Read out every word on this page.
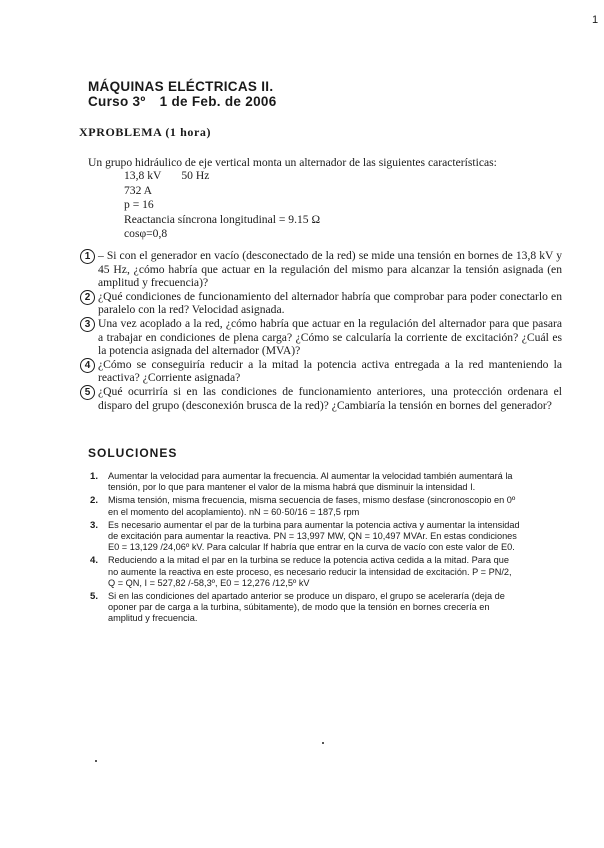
1
MÁQUINAS ELÉCTRICAS II.
Curso 3º 1 de Feb. de 2006
XPROBLEMA (1 hora)
Un grupo hidráulico de eje vertical monta un alternador de las siguientes características:
13,8 kV 50 Hz
732 A
p = 16
Reactancia síncrona longitudinal = 9.15 Ω
cosφ=0,8
1 – Si con el generador en vacío (desconectado de la red) se mide una tensión en bornes de 13,8 kV y 45 Hz, ¿cómo habría que actuar en la regulación del mismo para alcanzar la tensión asignada (en amplitud y frecuencia)?
2 ¿Qué condiciones de funcionamiento del alternador habría que comprobar para poder conectarlo en paralelo con la red? Velocidad asignada.
3 Una vez acoplado a la red, ¿cómo habría que actuar en la regulación del alternador para que pasara a trabajar en condiciones de plena carga? ¿Cómo se calcularía la corriente de excitación? ¿Cuál es la potencia asignada del alternador (MVA)?
4 ¿Cómo se conseguiría reducir a la mitad la potencia activa entregada a la red manteniendo la reactiva? ¿Corriente asignada?
5 ¿Qué ocurriría si en las condiciones de funcionamiento anteriores, una protección ordenara el disparo del grupo (desconexión brusca de la red)? ¿Cambiaría la tensión en bornes del generador?
SOLUCIONES
1.	Aumentar la velocidad para aumentar la frecuencia. Al aumentar la velocidad también aumentará la tensión, por lo que para mantener el valor de la misma habrá que disminuir la intensidad I.
2.	Misma tensión, misma frecuencia, misma secuencia de fases, mismo desfase (sincronoscopio en 0º en el momento del acoplamiento). nN = 60·50/16 = 187,5 rpm
3.	Es necesario aumentar el par de la turbina para aumentar la potencia activa y aumentar la intensidad de excitación para aumentar la reactiva. PN = 13,997 MW, QN = 10,497 MVAr. En estas condiciones E0 = 13,129 /24,06º kV. Para calcular If habría que entrar en la curva de vacío con este valor de E0.
4.	Reduciendo a la mitad el par en la turbina se reduce la potencia activa cedida a la mitad. Para que no aumente la reactiva en este proceso, es necesario reducir la intensidad de excitación. P = PN/2, Q = QN, I = 527,82 /-58,3º, E0 = 12,276 /12,5º kV
5.	Si en las condiciones del apartado anterior se produce un disparo, el grupo se aceleraría (deja de oponer par de carga a la turbina, súbitamente), de modo que la tensión en bornes crecería en amplitud y frecuencia.
